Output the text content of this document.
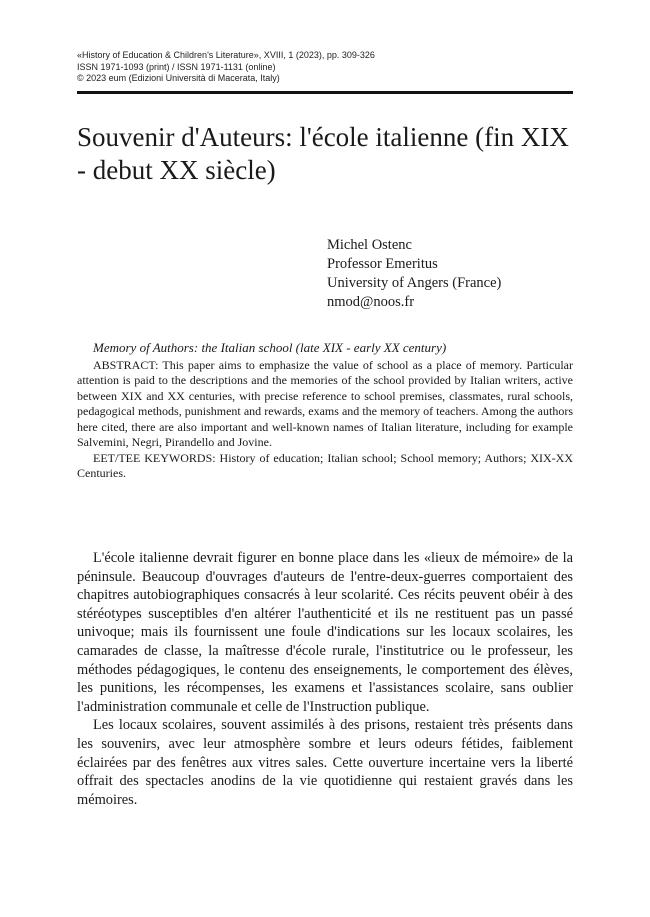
«History of Education & Children's Literature», XVIII, 1 (2023), pp. 309-326
ISSN 1971-1093 (print) / ISSN 1971-1131 (online)
© 2023 eum (Edizioni Università di Macerata, Italy)
Souvenir d'Auteurs: l'école italienne (fin XIX - debut XX siècle)
Michel Ostenc
Professor Emeritus
University of Angers (France)
nmod@noos.fr
Memory of Authors: the Italian school (late XIX - early XX century)

ABSTRACT: This paper aims to emphasize the value of school as a place of memory. Particular attention is paid to the descriptions and the memories of the school provided by Italian writers, active between XIX and XX centuries, with precise reference to school premises, classmates, rural schools, pedagogical methods, punishment and rewards, exams and the memory of teachers. Among the authors here cited, there are also important and well-known names of Italian literature, including for example Salvemini, Negri, Pirandello and Jovine.

EET/TEE KEYWORDS: History of education; Italian school; School memory; Authors; XIX-XX Centuries.

L'école italienne devrait figurer en bonne place dans les «lieux de mémoire» de la péninsule. Beaucoup d'ouvrages d'auteurs de l'entre-deux-guerres comportaient des chapitres autobiographiques consacrés à leur scolarité. Ces récits peuvent obéir à des stéréotypes susceptibles d'en altérer l'authenticité et ils ne restituent pas un passé univoque; mais ils fournissent une foule d'indications sur les locaux scolaires, les camarades de classe, la maîtresse d'école rurale, l'institutrice ou le professeur, les méthodes pédagogiques, le contenu des enseignements, le comportement des élèves, les punitions, les récompenses, les examens et l'assistances scolaire, sans oublier l'administration communale et celle de l'Instruction publique.

Les locaux scolaires, souvent assimilés à des prisons, restaient très présents dans les souvenirs, avec leur atmosphère sombre et leurs odeurs fétides, faiblement éclairées par des fenêtres aux vitres sales. Cette ouverture incertaine vers la liberté offrait des spectacles anodins de la vie quotidienne qui restaient gravés dans les mémoires.
